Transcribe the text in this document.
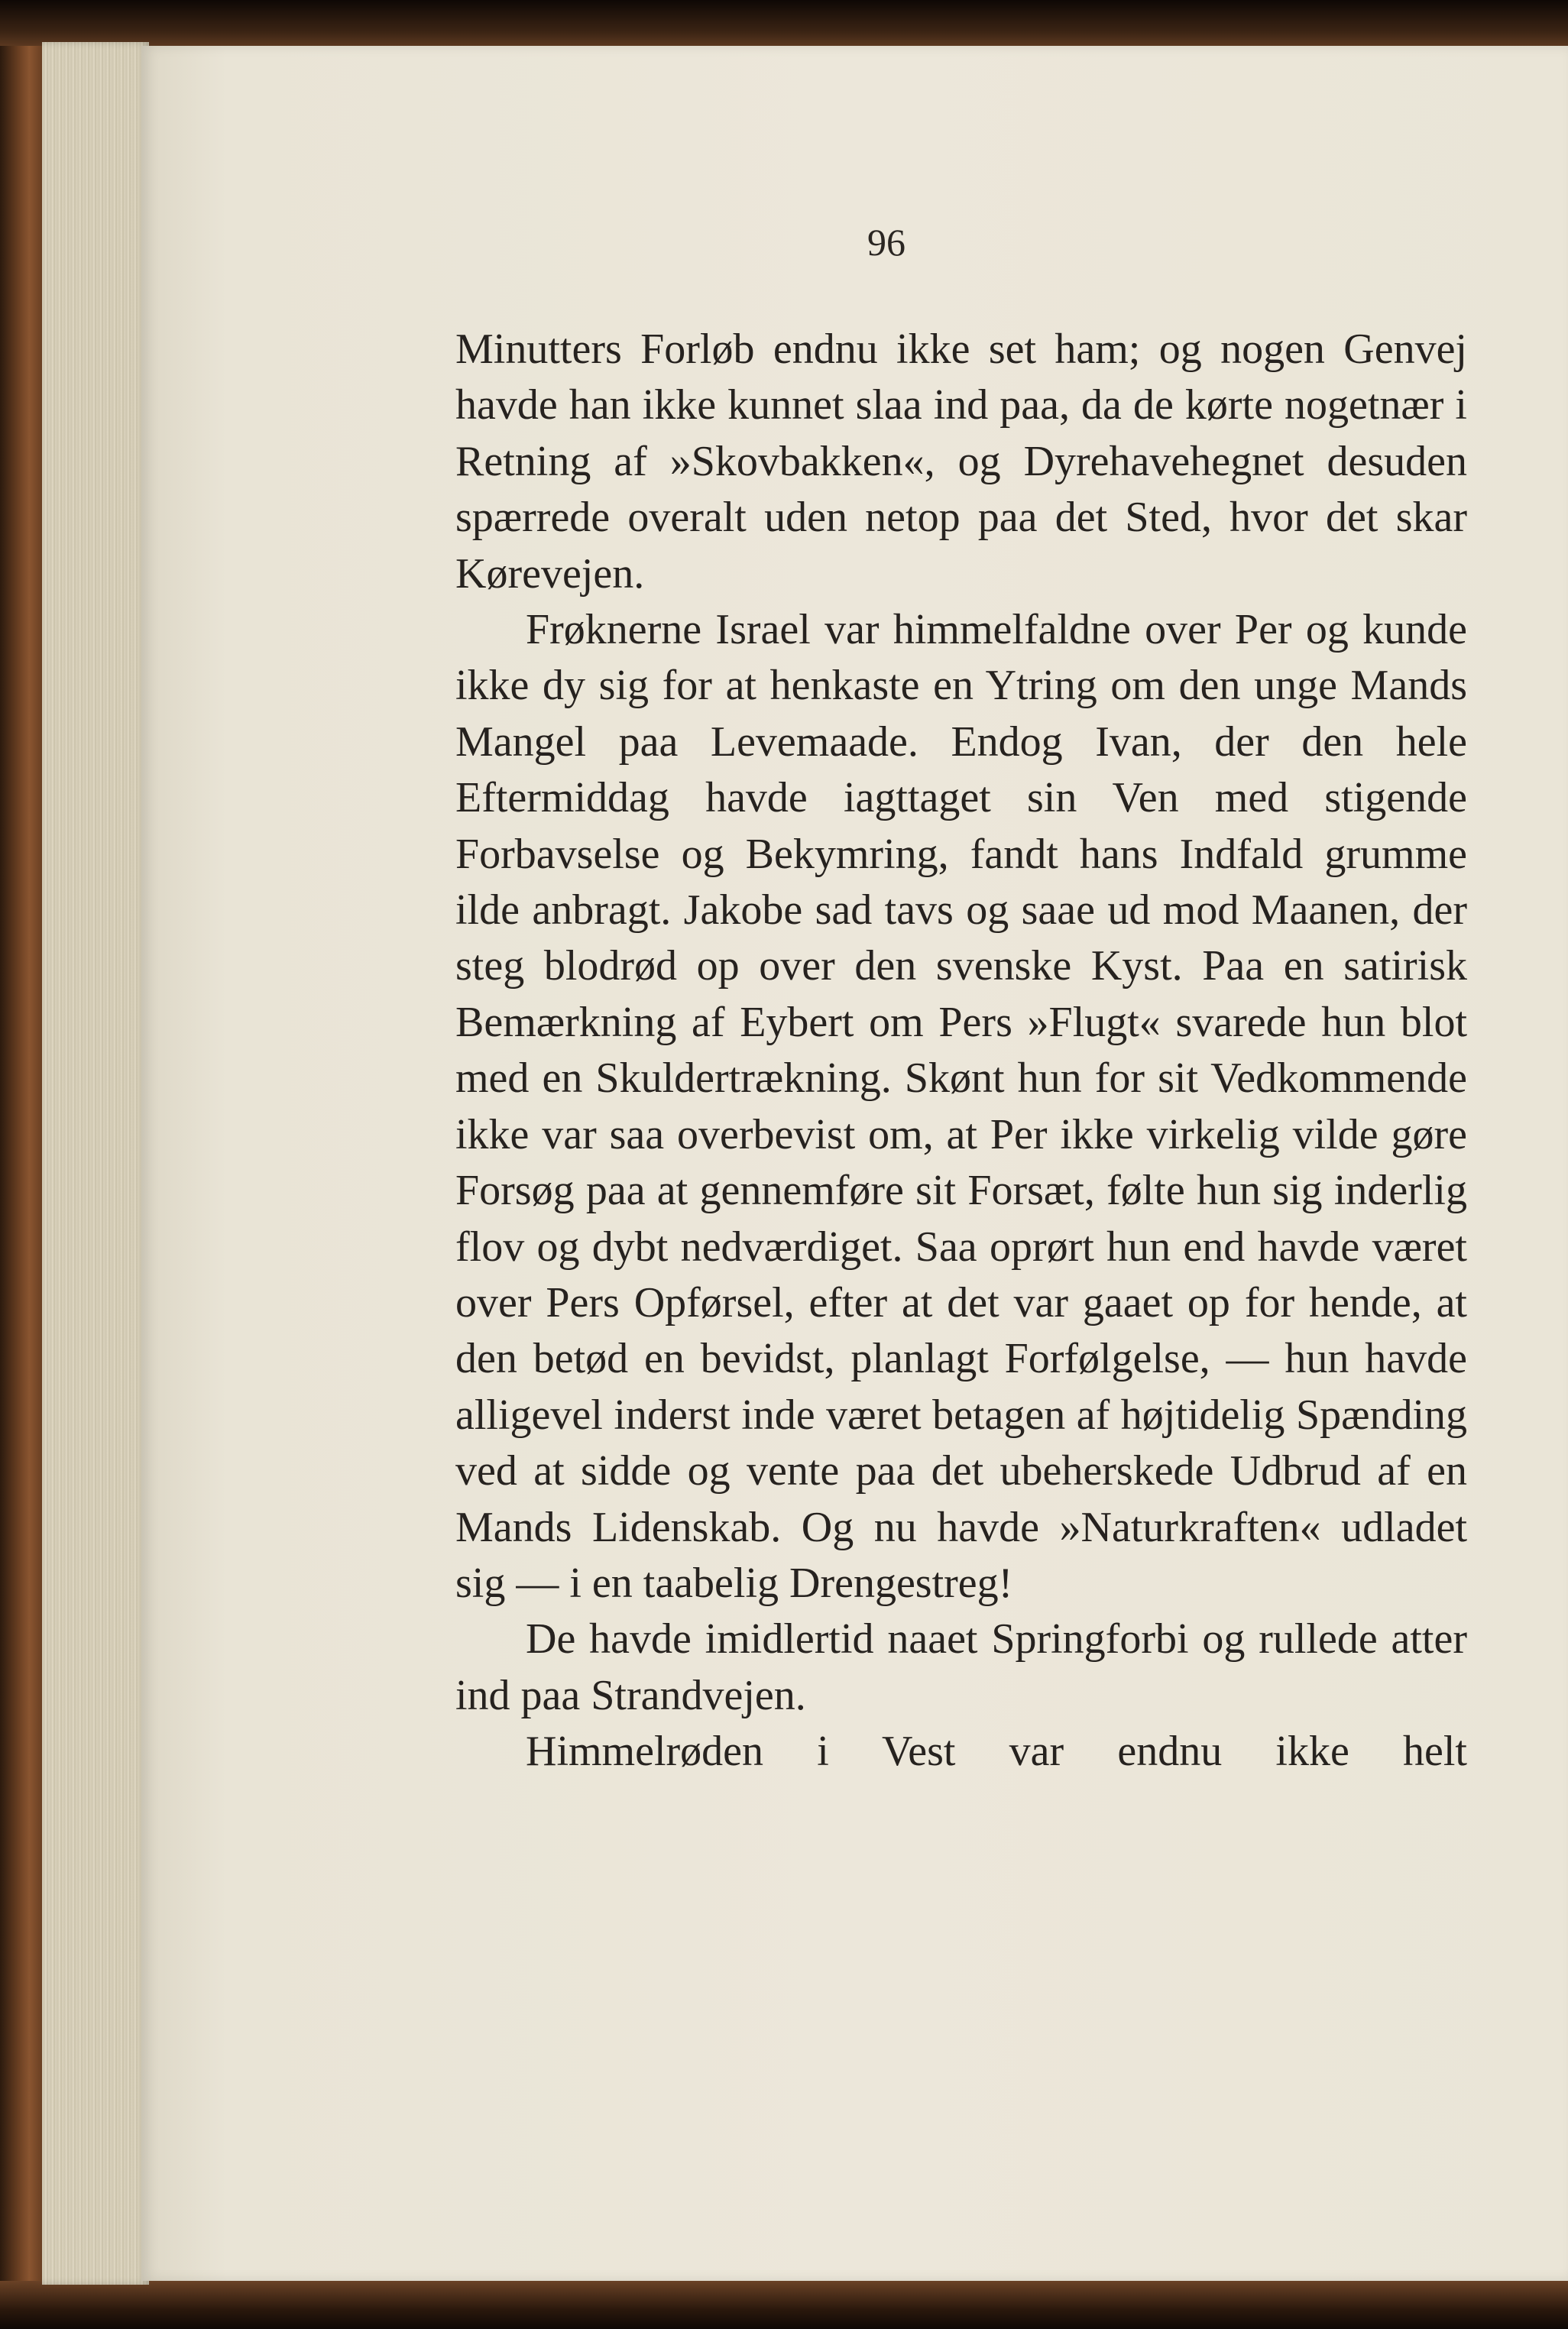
96

Minutters Forløb endnu ikke set ham; og nogen Genvej havde han ikke kunnet slaa ind paa, da de kørte nogetnær i Retning af »Skovbakken«, og Dyrehavehegnet desuden spærrede overalt uden netop paa det Sted, hvor det skar Kørevejen.

Frøknerne Israel var himmelfaldne over Per og kunde ikke dy sig for at henkaste en Ytring om den unge Mands Mangel paa Levemaade. Endog Ivan, der den hele Eftermiddag havde iagttaget sin Ven med stigende Forbavselse og Bekymring, fandt hans Indfald grumme ilde anbragt. Jakobe sad tavs og saae ud mod Maanen, der steg blodrød op over den svenske Kyst. Paa en satirisk Bemærkning af Eybert om Pers »Flugt« svarede hun blot med en Skuldertrækning. Skønt hun for sit Vedkommende ikke var saa overbevist om, at Per ikke virkelig vilde gøre Forsøg paa at gennemføre sit Forsæt, følte hun sig inderlig flov og dybt nedværdiget. Saa oprørt hun end havde været over Pers Opførsel, efter at det var gaaet op for hende, at den betød en bevidst, planlagt Forfølgelse, — hun havde alligevel inderst inde været betagen af højtidelig Spænding ved at sidde og vente paa det ubeherskede Udbrud af en Mands Lidenskab. Og nu havde »Naturkraften« udladet sig — i en taabelig Drengestreg!

De havde imidlertid naaet Springforbi og rullede atter ind paa Strandvejen.

Himmelrøden i Vest var endnu ikke helt
